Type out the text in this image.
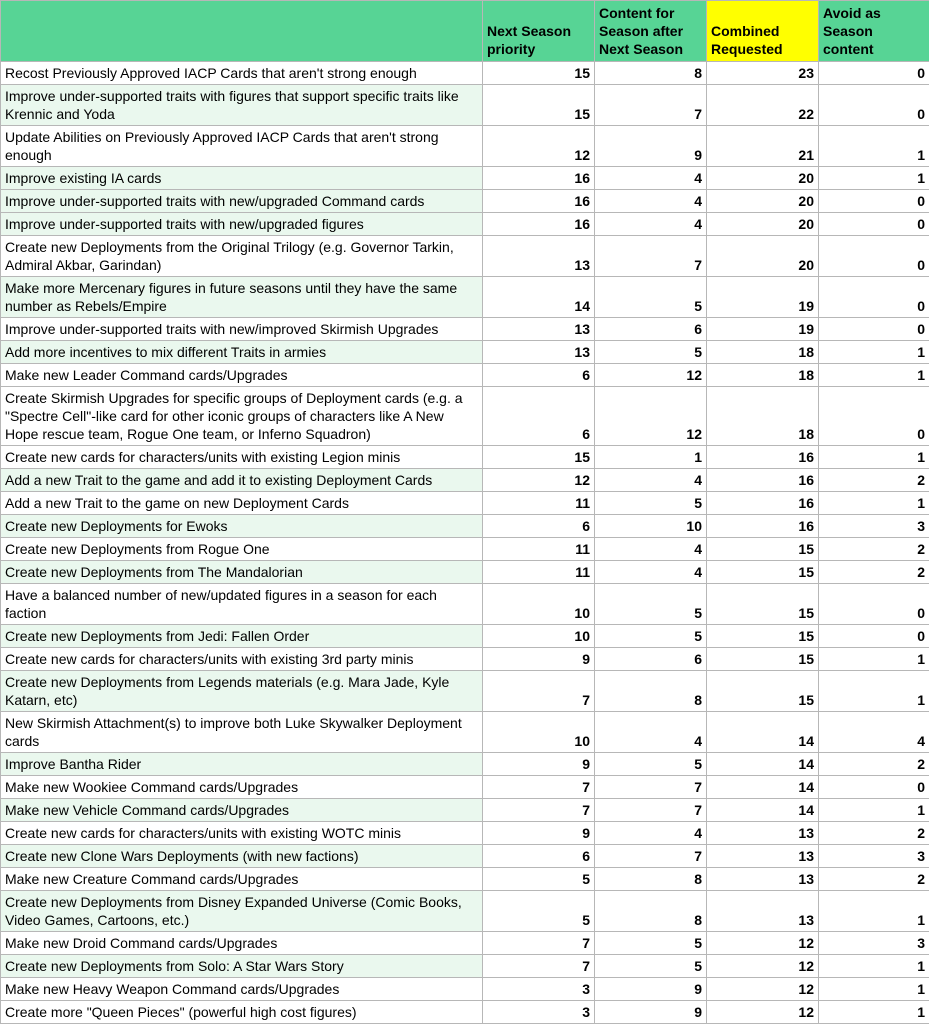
	Next Season priority	Content for Season after Next Season	Combined Requested	Avoid as Season content
Recost Previously Approved IACP Cards that aren't strong enough	15	8	23	0
Improve under-supported traits with figures that support specific traits like Krennic and Yoda	15	7	22	0
Update Abilities on Previously Approved IACP Cards that aren't strong enough	12	9	21	1
Improve existing IA cards	16	4	20	1
Improve under-supported traits with new/upgraded Command cards	16	4	20	0
Improve under-supported traits with new/upgraded figures	16	4	20	0
Create new Deployments from the Original Trilogy (e.g. Governor Tarkin, Admiral Akbar, Garindan)	13	7	20	0
Make more Mercenary figures in future seasons until they have the same number as Rebels/Empire	14	5	19	0
Improve under-supported traits with new/improved Skirmish Upgrades	13	6	19	0
Add more incentives to mix different Traits in armies	13	5	18	1
Make new Leader Command cards/Upgrades	6	12	18	1
Create Skirmish Upgrades for specific groups of Deployment cards (e.g. a "Spectre Cell"-like card for other iconic groups of characters like A New Hope rescue team, Rogue One team, or Inferno Squadron)	6	12	18	0
Create new cards for characters/units with existing Legion minis	15	1	16	1
Add a new Trait to the game and add it to existing Deployment Cards	12	4	16	2
Add a new Trait to the game on new Deployment Cards	11	5	16	1
Create new Deployments for Ewoks	6	10	16	3
Create new Deployments from Rogue One	11	4	15	2
Create new Deployments from The Mandalorian	11	4	15	2
Have a balanced number of new/updated figures in a season for each faction	10	5	15	0
Create new Deployments from Jedi: Fallen Order	10	5	15	0
Create new cards for characters/units with existing 3rd party minis	9	6	15	1
Create new Deployments from Legends materials (e.g. Mara Jade, Kyle Katarn, etc)	7	8	15	1
New Skirmish Attachment(s) to improve both Luke Skywalker Deployment cards	10	4	14	4
Improve Bantha Rider	9	5	14	2
Make new Wookiee Command cards/Upgrades	7	7	14	0
Make new Vehicle Command cards/Upgrades	7	7	14	1
Create new cards for characters/units with existing WOTC minis	9	4	13	2
Create new Clone Wars Deployments (with new factions)	6	7	13	3
Make new Creature Command cards/Upgrades	5	8	13	2
Create new Deployments from Disney Expanded Universe (Comic Books, Video Games, Cartoons, etc.)	5	8	13	1
Make new Droid Command cards/Upgrades	7	5	12	3
Create new Deployments from Solo: A Star Wars Story	7	5	12	1
Make new Heavy Weapon Command cards/Upgrades	3	9	12	1
Create more "Queen Pieces" (powerful high cost figures)	3	9	12	1
